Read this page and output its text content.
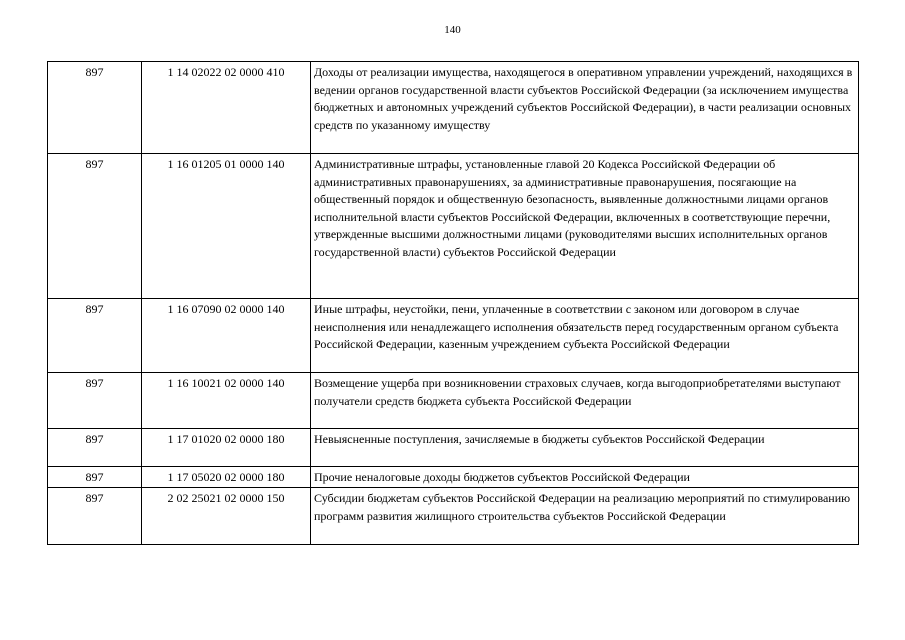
140
897	1 14 02022 02 0000 410	Доходы от реализации имущества, находящегося в оперативном управлении учреждений, находящихся в ведении органов государственной власти субъектов Российской Федерации (за исключением имущества бюджетных и автономных учреждений субъектов Российской Федерации), в части реализации основных средств по указанному имуществу
897	1 16 01205 01 0000 140	Административные штрафы, установленные главой 20 Кодекса Российской Федерации об административных правонарушениях, за административные правонарушения, посягающие на общественный порядок и общественную безопасность, выявленные должностными лицами органов исполнительной власти субъектов Российской Федерации, включенных в соответствующие перечни, утвержденные высшими должностными лицами (руководителями высших исполнительных органов государственной власти) субъектов Российской Федерации
897	1 16 07090 02 0000 140	Иные штрафы, неустойки, пени, уплаченные в соответствии с законом или договором в случае неисполнения или ненадлежащего исполнения обязательств перед государственным органом субъекта Российской Федерации, казенным учреждением субъекта Российской Федерации
897	1 16 10021 02 0000 140	Возмещение ущерба при возникновении страховых случаев, когда выгодоприобретателями выступают получатели средств бюджета субъекта Российской Федерации
897	1 17 01020 02 0000 180	Невыясненные поступления, зачисляемые в бюджеты субъектов Российской Федерации
897	1 17 05020 02 0000 180	Прочие неналоговые доходы бюджетов субъектов Российской Федерации
897	2 02 25021 02 0000 150	Субсидии бюджетам субъектов Российской Федерации на реализацию мероприятий по стимулированию программ развития жилищного строительства субъектов Российской Федерации
